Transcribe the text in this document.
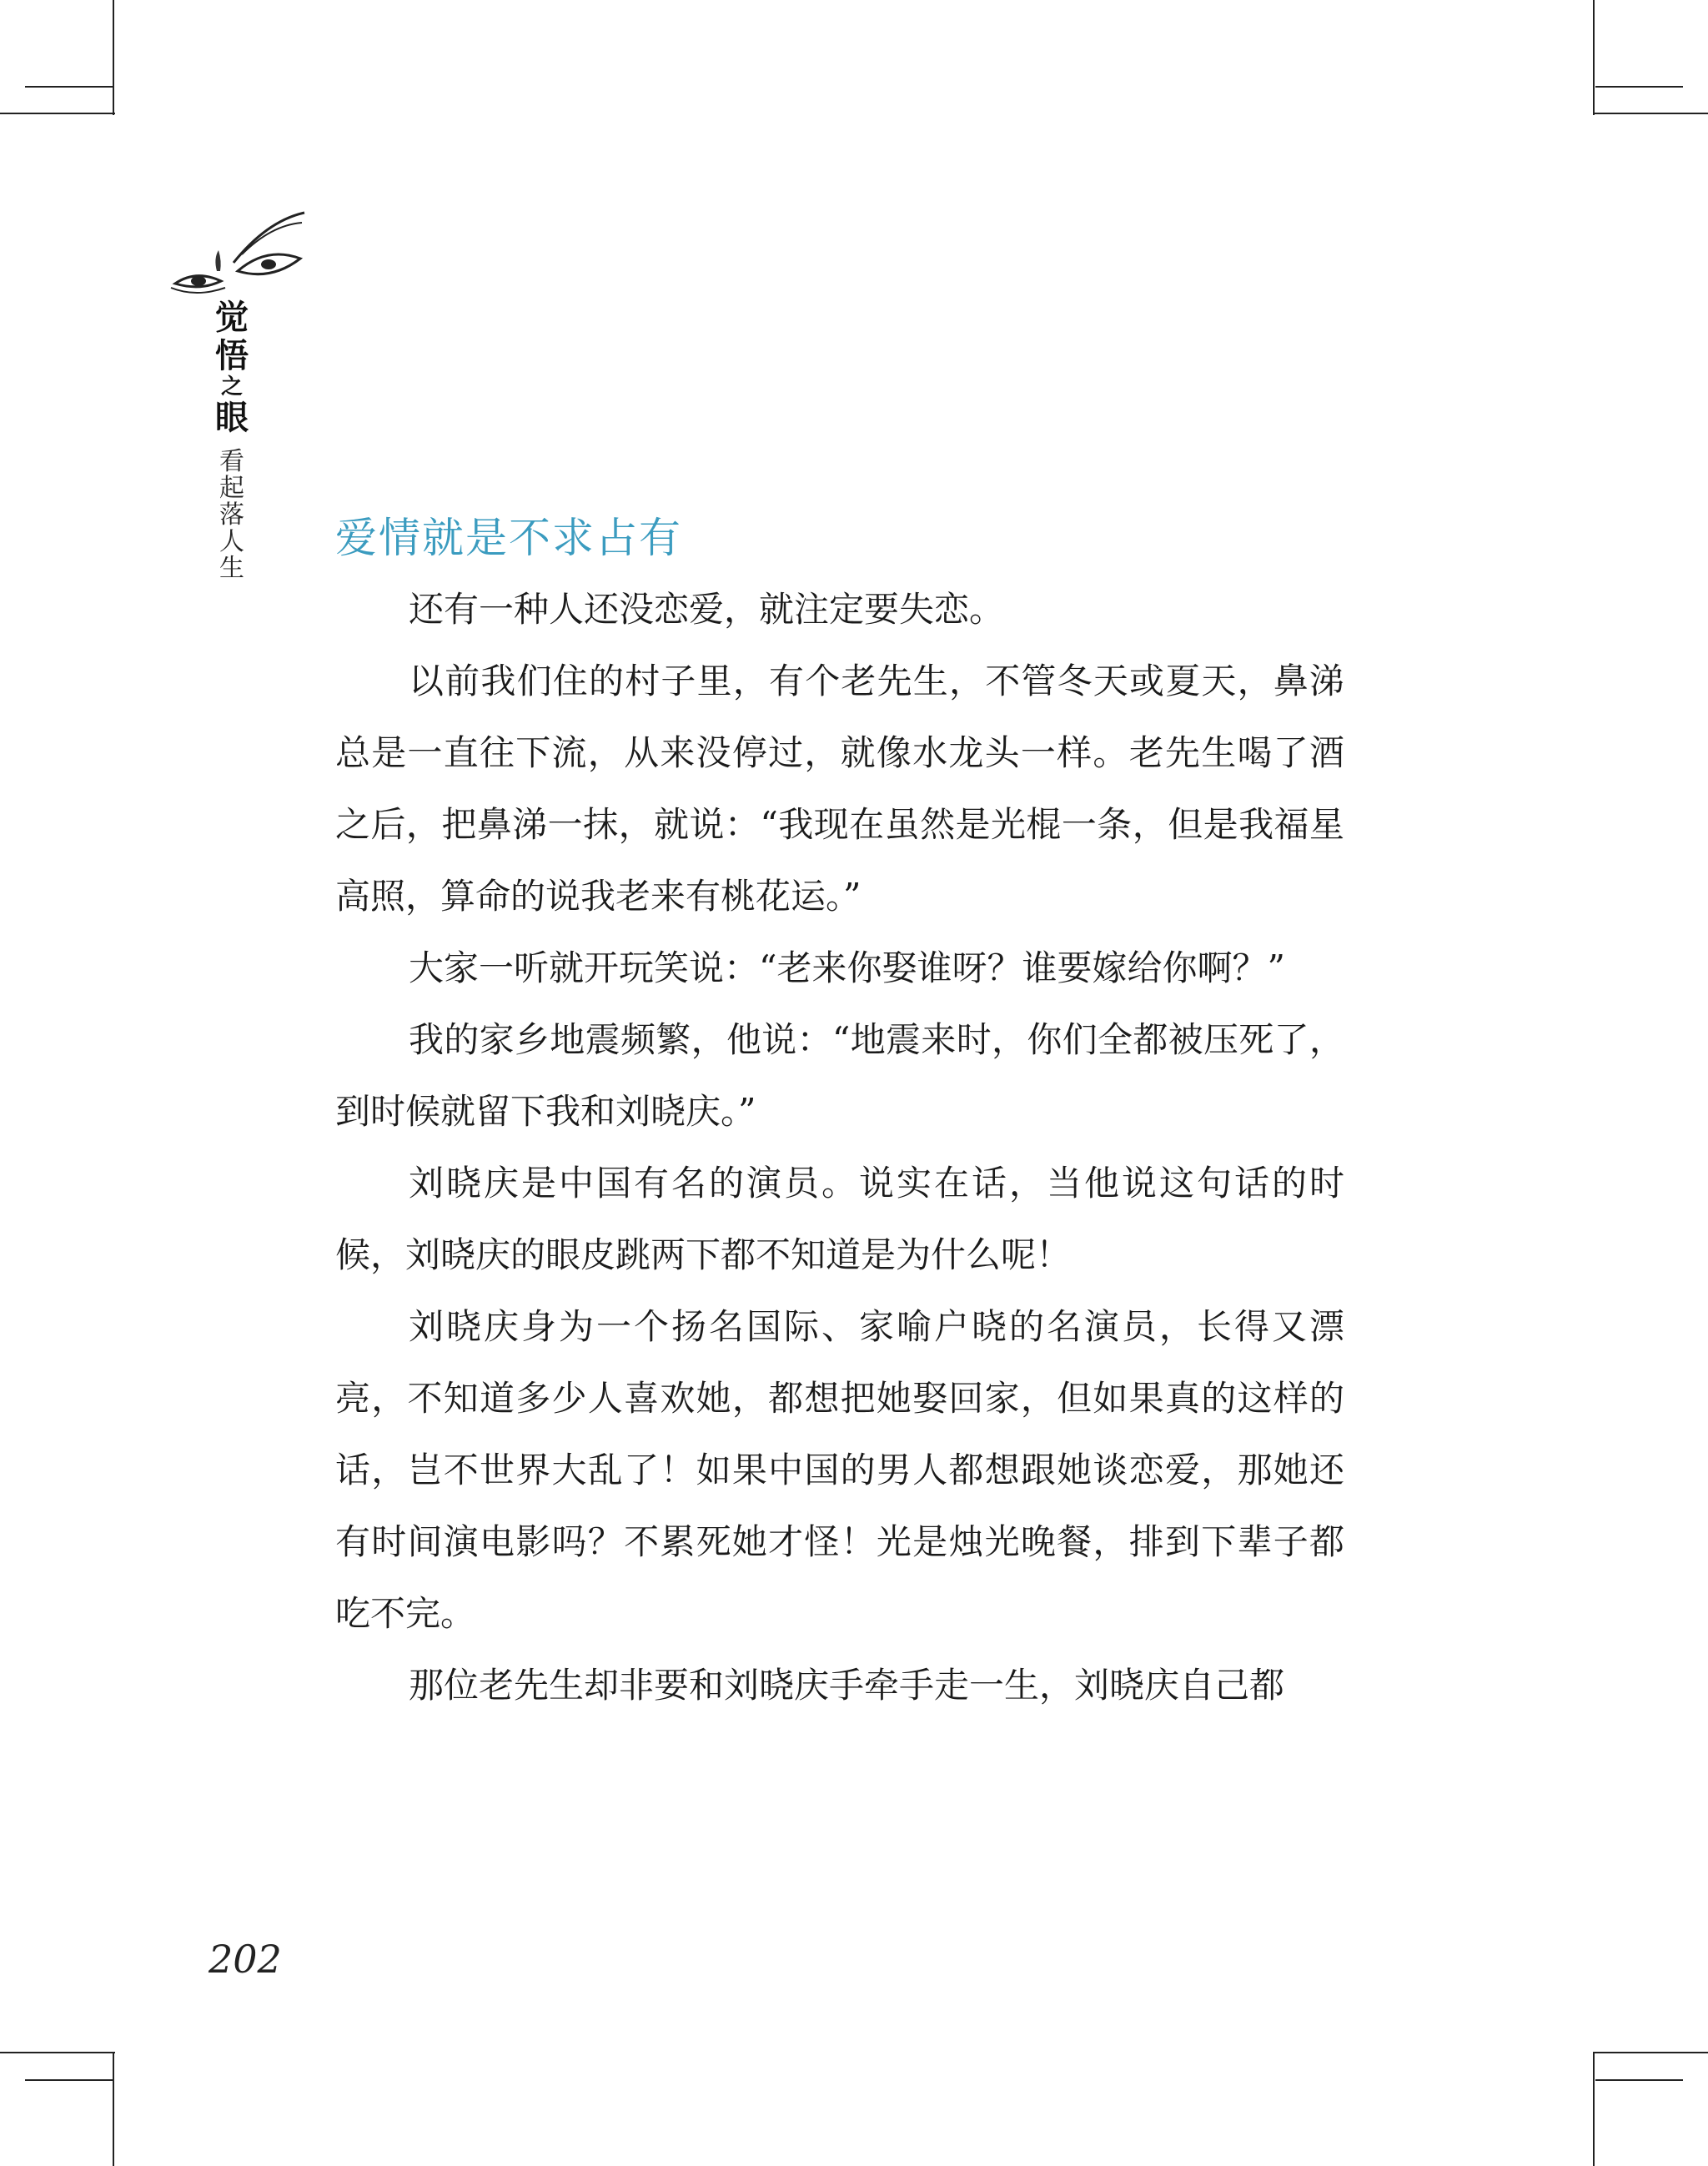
觉
悟
之
眼
看
起
落
人
生
爱情就是不求占有

还有一种人还没恋爱，就注定要失恋。

以前我们住的村子里，有个老先生，不管冬天或夏天，鼻涕总是一直往下流，从来没停过，就像水龙头一样。老先生喝了酒之后，把鼻涕一抹，就说：“我现在虽然是光棍一条，但是我福星高照，算命的说我老来有桃花运。”

大家一听就开玩笑说：“老来你娶谁呀？谁要嫁给你啊？”

我的家乡地震频繁，他说：“地震来时，你们全都被压死了，到时候就留下我和刘晓庆。”

刘晓庆是中国有名的演员。说实在话，当他说这句话的时候，刘晓庆的眼皮跳两下都不知道是为什么呢！

刘晓庆身为一个扬名国际、家喻户晓的名演员，长得又漂亮，不知道多少人喜欢她，都想把她娶回家，但如果真的这样的话，岂不世界大乱了！如果中国的男人都想跟她谈恋爱，那她还有时间演电影吗？不累死她才怪！光是烛光晚餐，排到下辈子都吃不完。

那位老先生却非要和刘晓庆手牵手走一生，刘晓庆自己都

202
